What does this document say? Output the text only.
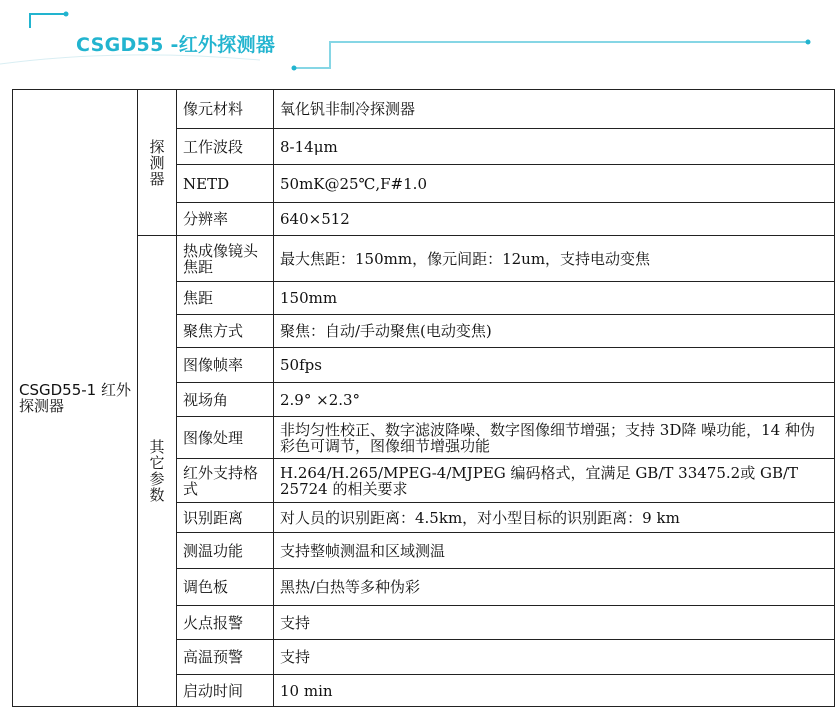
CSGD55 -红外探测器
CSGD55-1 红外探测器	探测器	像元材料	氧化钒非制冷探测器
		工作波段	8-14μm
		NETD	50mK@25℃,F#1.0
		分辨率	640×512

	其它参数	热成像镜头焦距	最大焦距：150mm，像元间距：12um，支持电动变焦
		焦距	150mm
		聚焦方式	聚焦：自动/手动聚焦(电动变焦)
		图像帧率	50fps
		视场角	2.9° ×2.3°
		图像处理	非均匀性校正、数字滤波降噪、数字图像细节增强；支持 3D降 噪功能，14 种伪彩色可调节，图像细节增强功能
		红外支持格式	H.264/H.265/MPEG-4/MJPEG 编码格式，宜满足 GB/T 33475.2或 GB/T 25724 的相关要求
		识别距离	对人员的识别距离：4.5km，对小型目标的识别距离：9 km
		测温功能	支持整帧测温和区域测温
		调色板	黑热/白热等多种伪彩
		火点报警	支持
		高温预警	支持
		启动时间	10 min
